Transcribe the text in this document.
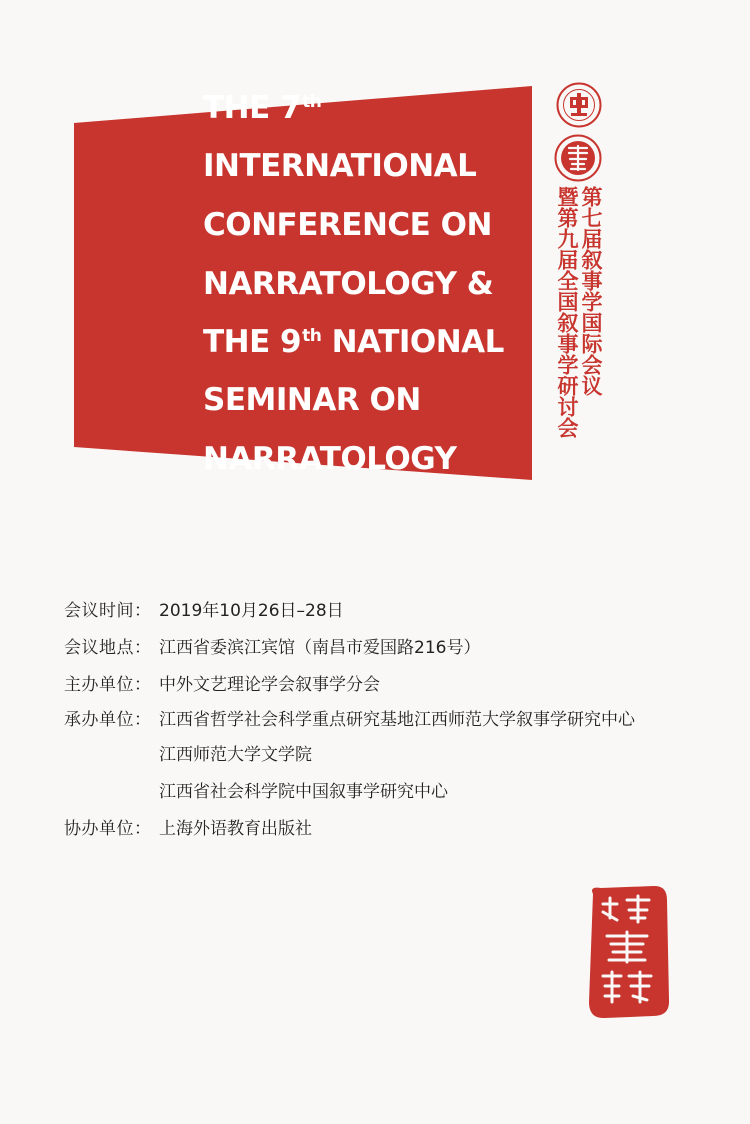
THE 7th
INTERNATIONAL
CONFERENCE ON
NARRATOLOGY &
THE 9th NATIONAL
SEMINAR ON
NARRATOLOGY
第七届叙事学国际会议
暨第九届全国叙事学研讨会
会议时间： 2019年10月26日–28日
会议地点： 江西省委滨江宾馆（南昌市爱国路216号）
主办单位： 中外文艺理论学会叙事学分会
承办单位： 江西省哲学社会科学重点研究基地江西师范大学叙事学研究中心
江西师范大学文学院
江西省社会科学院中国叙事学研究中心
协办单位： 上海外语教育出版社
